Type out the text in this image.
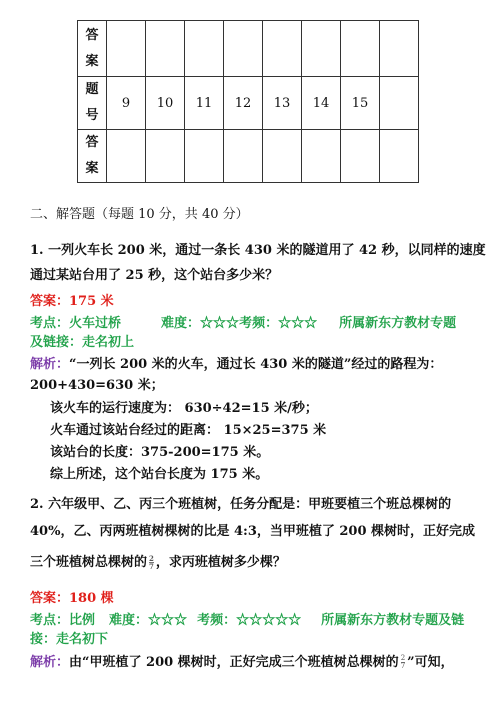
答
案								
题
号	9	10	11	12	13	14	15	
答
案								
二、解答题（每题 10 分，共 40 分）
1. 一列火车长 200 米，通过一条长 430 米的隧道用了 42 秒，以同样的速度
通过某站台用了 25 秒，这个站台多少米？
答案：175 米
考点：火车过桥	难度：☆☆☆考频：☆☆☆ 所属新东方教材专题
及链接：走名初上
解析：“一列长 200 米的火车，通过长 430 米的隧道”经过的路程为：
200+430=630 米；
该火车的运行速度为： 630÷42=15 米/秒；
火车通过该站台经过的距离： 15×25=375 米
该站台的长度：375-200=175 米。
综上所述，这个站台长度为 175 米。
2. 六年级甲、乙、丙三个班植树，任务分配是：甲班要植三个班总棵树的
40%，乙、丙两班植树棵树的比是 4:3，当甲班植了 200 棵树时，正好完成
三个班植树总棵树的 $\frac{2}{7}$ ，求丙班植树多少棵？
答案：180 棵
考点：比例 难度：☆☆☆ 考频：☆☆☆☆☆ 所属新东方教材专题及链
接：走名初下
解析：由“甲班植了 200 棵树时，正好完成三个班植树总棵树的 $\frac{2}{7}$ ”可知，
